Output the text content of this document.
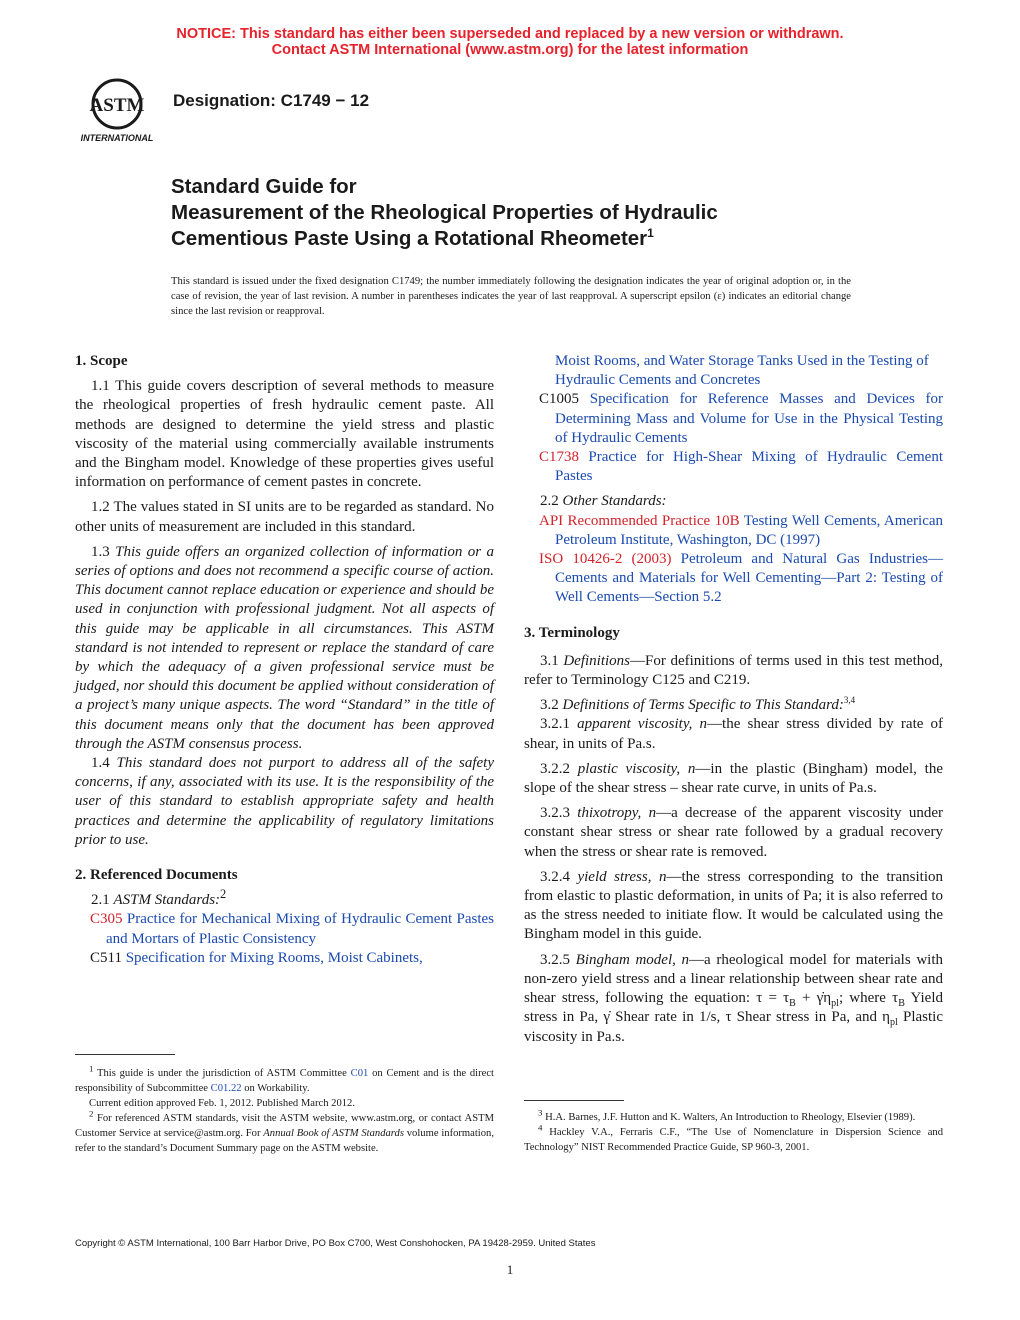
NOTICE: This standard has either been superseded and replaced by a new version or withdrawn.
Contact ASTM International (www.astm.org) for the latest information
ASTM
INTERNATIONAL
Designation: C1749 − 12
Standard Guide for
Measurement of the Rheological Properties of Hydraulic
Cementious Paste Using a Rotational Rheometer$^1$
This standard is issued under the fixed designation C1749; the number immediately following the designation indicates the year of original adoption or, in the case of revision, the year of last revision. A number in parentheses indicates the year of last reapproval. A superscript epsilon (ε) indicates an editorial change since the last revision or reapproval.
1. Scope

1.1 This guide covers description of several methods to measure the rheological properties of fresh hydraulic cement paste. All methods are designed to determine the yield stress and plastic viscosity of the material using commercially available instruments and the Bingham model. Knowledge of these properties gives useful information on performance of cement pastes in concrete.

1.2 The values stated in SI units are to be regarded as standard. No other units of measurement are included in this standard.

1.3 This guide offers an organized collection of information or a series of options and does not recommend a specific course of action. This document cannot replace education or experience and should be used in conjunction with professional judgment. Not all aspects of this guide may be applicable in all circumstances. This ASTM standard is not intended to represent or replace the standard of care by which the adequacy of a given professional service must be judged, nor should this document be applied without consideration of a project’s many unique aspects. The word “Standard” in the title of this document means only that the document has been approved through the ASTM consensus process.

1.4 This standard does not purport to address all of the safety concerns, if any, associated with its use. It is the responsibility of the user of this standard to establish appropriate safety and health practices and determine the applicability of regulatory limitations prior to use.

2. Referenced Documents

2.1 ASTM Standards:$^2$

C305 Practice for Mechanical Mixing of Hydraulic Cement Pastes and Mortars of Plastic Consistency
C511 Specification for Mixing Rooms, Moist Cabinets,

$^1$ This guide is under the jurisdiction of ASTM Committee C01 on Cement and is the direct responsibility of Subcommittee C01.22 on Workability.

Current edition approved Feb. 1, 2012. Published March 2012.

$^2$ For referenced ASTM standards, visit the ASTM website, www.astm.org, or contact ASTM Customer Service at service@astm.org. For Annual Book of ASTM Standards volume information, refer to the standard’s Document Summary page on the ASTM website.

Moist Rooms, and Water Storage Tanks Used in the Testing of Hydraulic Cements and Concretes
C1005 Specification for Reference Masses and Devices for Determining Mass and Volume for Use in the Physical Testing of Hydraulic Cements
C1738 Practice for High-Shear Mixing of Hydraulic Cement Pastes

2.2 Other Standards:

API Recommended Practice 10B Testing Well Cements, American Petroleum Institute, Washington, DC (1997)
ISO 10426-2 (2003) Petroleum and Natural Gas Industries—Cements and Materials for Well Cementing—Part 2: Testing of Well Cements—Section 5.2
3. Terminology

3.1 Definitions—For definitions of terms used in this test method, refer to Terminology C125 and C219.

3.2 Definitions of Terms Specific to This Standard:$^{3,4}$

3.2.1 apparent viscosity, n—the shear stress divided by rate of shear, in units of Pa.s.

3.2.2 plastic viscosity, n—in the plastic (Bingham) model, the slope of the shear stress – shear rate curve, in units of Pa.s.

3.2.3 thixotropy, n—a decrease of the apparent viscosity under constant shear stress or shear rate followed by a gradual recovery when the stress or shear rate is removed.

3.2.4 yield stress, n—the stress corresponding to the transition from elastic to plastic deformation, in units of Pa; it is also referred to as the stress needed to initiate flow. It would be calculated using the Bingham model in this guide.

3.2.5 Bingham model, n—a rheological model for materials with non-zero yield stress and a linear relationship between shear rate and shear stress, following the equation: $\tau = \tau_B$ + $\gammȧ\eta_{pl}$; where $\tau_B$ Yield stress in Pa, γ̇ Shear rate in 1/s, τ Shear stress in Pa, and $\eta_{pl}$ Plastic viscosity in Pa.s.

$^3$ H.A. Barnes, J.F. Hutton and K. Walters, An Introduction to Rheology, Elsevier (1989).

$^4$ Hackley V.A., Ferraris C.F., “The Use of Nomenclature in Dispersion Science and Technology” NIST Recommended Practice Guide, SP 960-3, 2001.

Copyright © ASTM International, 100 Barr Harbor Drive, PO Box C700, West Conshohocken, PA 19428-2959. United States
1
